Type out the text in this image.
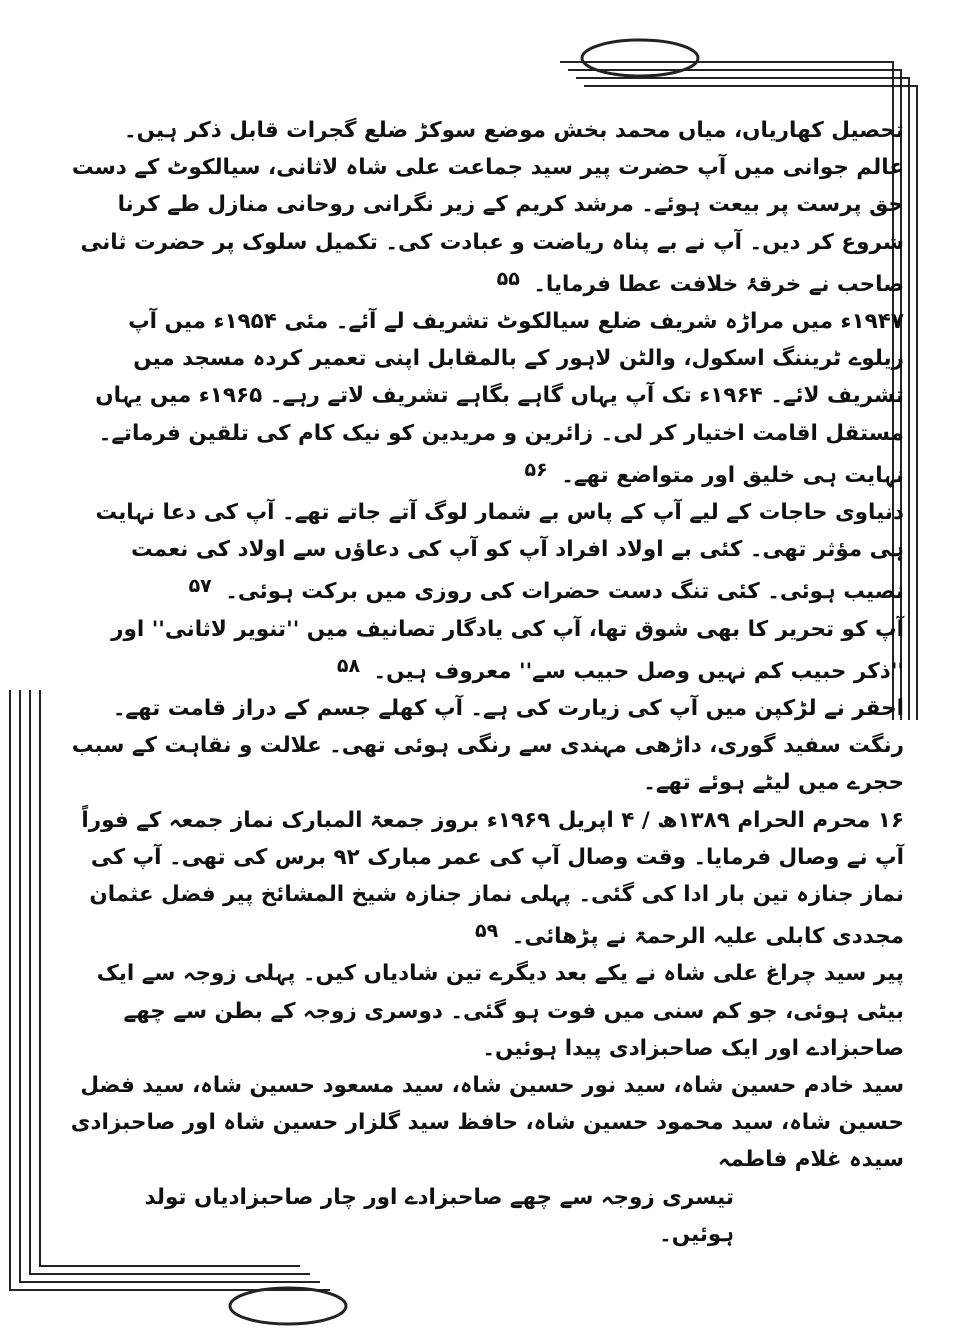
تحصیل کھاریاں، میاں محمد بخش موضع سوکڑ ضلع گجرات قابل ذکر ہیں۔

عالم جوانی میں آپ حضرت پیر سید جماعت علی شاہ لاثانی، سیالکوٹ کے دست حق پرست پر بیعت ہوئے۔ مرشد کریم کے زیر نگرانی روحانی منازل طے کرنا شروع کر دیں۔ آپ نے بے پناہ ریاضت و عبادت کی۔ تکمیل سلوک پر حضرت ثانی صاحب نے خرقۂ خلافت عطا فرمایا۔ ۵۵

۱۹۴۷ء میں مراڑہ شریف ضلع سیالکوٹ تشریف لے آئے۔ مئی ۱۹۵۴ء میں آپ ریلوے ٹریننگ اسکول، والٹن لاہور کے بالمقابل اپنی تعمیر کردہ مسجد میں تشریف لائے۔ ۱۹۶۴ء تک آپ یہاں گاہے بگاہے تشریف لاتے رہے۔ ۱۹۶۵ء میں یہاں مستقل اقامت اختیار کر لی۔ زائرین و مریدین کو نیک کام کی تلقین فرماتے۔ نہایت ہی خلیق اور متواضع تھے۔ ۵۶

دنیاوی حاجات کے لیے آپ کے پاس بے شمار لوگ آتے جاتے تھے۔ آپ کی دعا نہایت ہی مؤثر تھی۔ کئی بے اولاد افراد آپ کو آپ کی دعاؤں سے اولاد کی نعمت نصیب ہوئی۔ کئی تنگ دست حضرات کی روزی میں برکت ہوئی۔ ۵۷

آپ کو تحریر کا بھی شوق تھا، آپ کی یادگار تصانیف میں ''تنویر لاثانی'' اور ''ذکر حبیب کم نہیں وصل حبیب سے'' معروف ہیں۔ ۵۸

احقر نے لڑکپن میں آپ کی زیارت کی ہے۔ آپ کھلے جسم کے دراز قامت تھے۔ رنگت سفید گوری، داڑھی مہندی سے رنگی ہوئی تھی۔ علالت و نقاہت کے سبب حجرے میں لیٹے ہوئے تھے۔

۱۶ محرم الحرام ۱۳۸۹ھ / ۴ اپریل ۱۹۶۹ء بروز جمعۃ المبارک نماز جمعہ کے فوراً آپ نے وصال فرمایا۔ وقت وصال آپ کی عمر مبارک ۹۲ برس کی تھی۔ آپ کی نماز جنازہ تین بار ادا کی گئی۔ پہلی نماز جنازہ شیخ المشائخ پیر فضل عثمان مجددی کابلی علیہ الرحمۃ نے پڑھائی۔ ۵۹

پیر سید چراغ علی شاہ نے یکے بعد دیگرے تین شادیاں کیں۔ پہلی زوجہ سے ایک بیٹی ہوئی، جو کم سنی میں فوت ہو گئی۔ دوسری زوجہ کے بطن سے چھے صاحبزادے اور ایک صاحبزادی پیدا ہوئیں۔

سید خادم حسین شاہ، سید نور حسین شاہ، سید مسعود حسین شاہ، سید فضل حسین شاہ، سید محمود حسین شاہ، حافظ سید گلزار حسین شاہ اور صاحبزادی سیدہ غلام فاطمہ

تیسری زوجہ سے چھے صاحبزادے اور چار صاحبزادیاں تولد ہوئیں۔
